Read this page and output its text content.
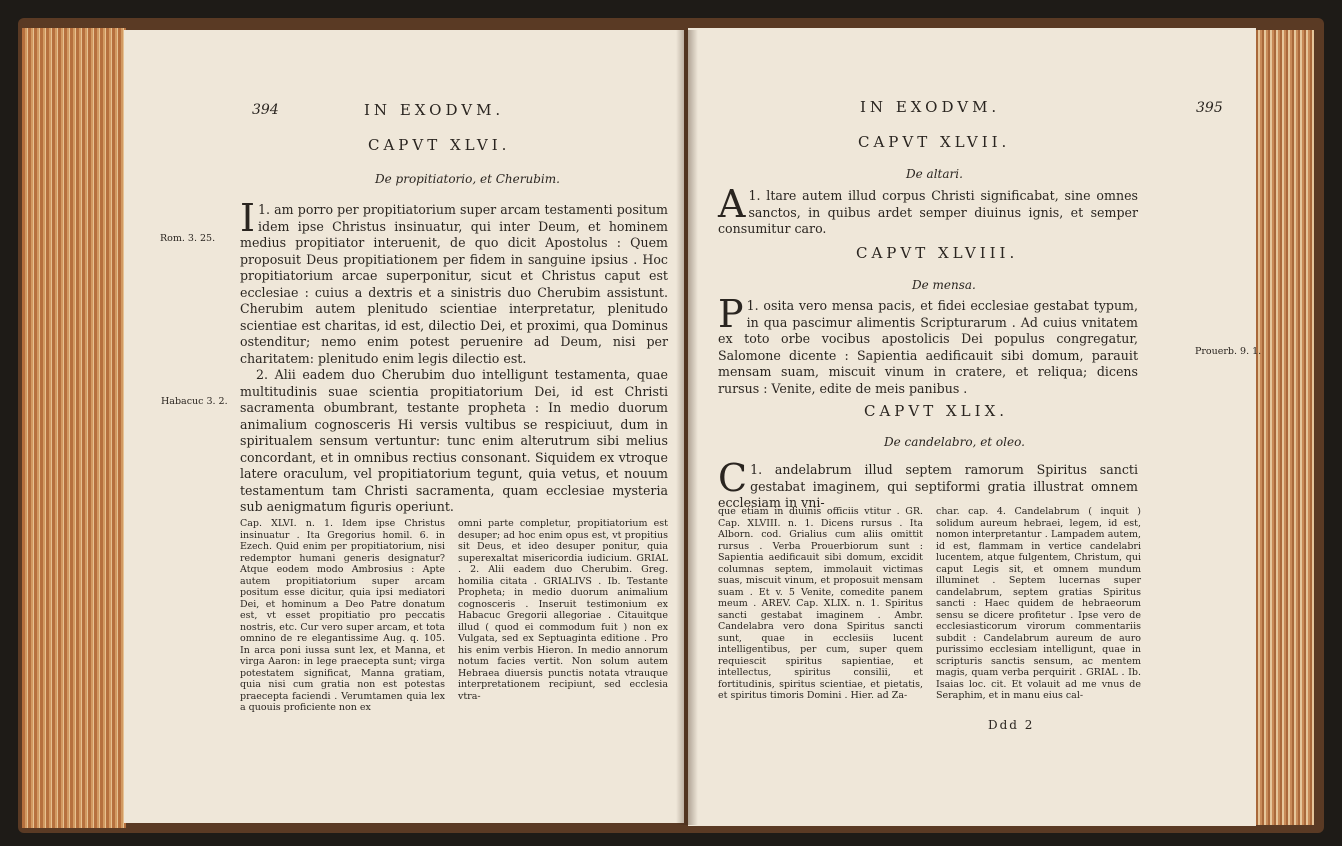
394	IN EXODVM.
CAPVT XLVI.
De propitiatorio, et Cherubim.
I 1. am porro per propitiatorium super arcam testamenti positum idem ipse Christus insinuatur, qui inter Deum, et hominem medius propitiator interuenit, de quo dicit Apostolus : Quem proposuit Deus propitiationem per fidem in sanguine ipsius . Hoc propitiatorium arcae superponitur, sicut et Christus caput est ecclesiae : cuius a dextris et a sinistris duo Cherubim assistunt. Cherubim autem plenitudo scientiae interpretatur, plenitudo scientiae est charitas, id est, dilectio Dei, et proximi, qua Dominus ostenditur; nemo enim potest peruenire ad Deum, nisi per charitatem: plenitudo enim legis dilectio est.

2. Alii eadem duo Cherubim duo intelligunt testamenta, quae multitudinis suae scientia propitiatorium Dei, id est Christi sacramenta obumbrant, testante propheta : In medio duorum animalium cognosceris Hi versis vultibus se respiciuut, dum in spiritualem sensum vertuntur: tunc enim alterutrum sibi melius concordant, et in omnibus rectius consonant. Siquidem ex vtroque latere oraculum, vel propitiatorium tegunt, quia vetus, et nouum testamentum tam Christi sacramenta, quam ecclesiae mysteria sub aenigmatum figuris operiunt.

Cap. XLVI. n. 1. Idem ipse Christus insinuatur . Ita Gregorius homil. 6. in Ezech. Quid enim per propitiatorium, nisi redemptor humani generis designatur? Atque eodem modo Ambrosius : Apte autem propitiatorium super arcam positum esse dicitur, quia ipsi mediatori Dei, et hominum a Deo Patre donatum est, vt esset propitiatio pro peccatis nostris, etc. Cur vero super arcam, et tota omnino de re elegantissime Aug. q. 105. In arca poni iussa sunt lex, et Manna, et virga Aaron: in lege praecepta sunt; virga potestatem significat, Manna gratiam, quia nisi cum gratia non est potestas praecepta faciendi . Verumtamen quia lex a quouis proficiente non ex
omni parte completur, propitiatorium est desuper; ad hoc enim opus est, vt propitius sit Deus, et ideo desuper ponitur, quia superexaltat misericordia iudicium. GRIAL . 2. Alii eadem duo Cherubim. Greg. homilia citata . GRIALIVS . Ib. Testante Propheta; in medio duorum animalium cognosceris . Inseruit testimonium ex Habacuc Gregorii allegoriae . Citauitque illud ( quod ei commodum fuit ) non ex Vulgata, sed ex Septuaginta editione . Pro his enim verbis Hieron. In medio annorum notum facies vertit. Non solum autem Hebraea diuersis punctis notata vtrauque interpretationem recipiunt, sed ecclesia vtra-
Rom. 3. 25.
Habacuc 3. 2.
IN EXODVM.	395
CAPVT XLVII.
De altari.
A 1. ltare autem illud corpus Christi significabat, sine omnes sanctos, in quibus ardet semper diuinus ignis, et semper consumitur caro.

CAPVT XLVIII.
De mensa.
P 1. osita vero mensa pacis, et fidei ecclesiae gestabat typum, in qua pascimur alimentis Scripturarum . Ad cuius vnitatem ex toto orbe vocibus apostolicis Dei populus congregatur, Salomone dicente : Sapientia aedificauit sibi domum, parauit mensam suam, miscuit vinum in cratere, et reliqua; dicens rursus : Venite, edite de meis panibus .

CAPVT XLIX.
De candelabro, et oleo.
C 1. andelabrum illud septem ramorum Spiritus sancti gestabat imaginem, qui septiformi gratia illustrat omnem ecclesiam in vni-

que etiam in diuinis officiis vtitur . GR. Cap. XLVIII. n. 1. Dicens rursus . Ita Alborn. cod. Grialius cum aliis omittit rursus . Verba Prouerbiorum sunt : Sapientia aedificauit sibi domum, excidit columnas septem, immolauit victimas suas, miscuit vinum, et proposuit mensam suam . Et v. 5 Venite, comedite panem meum . AREV. Cap. XLIX. n. 1. Spiritus sancti gestabat imaginem . Ambr. Candelabra vero dona Spiritus sancti sunt, quae in ecclesiis lucent intelligentibus, per cum, super quem requiescit spiritus sapientiae, et intellectus, spiritus consilii, et fortitudinis, spiritus scientiae, et pietatis, et spiritus timoris Domini . Hier. ad Za-
char. cap. 4. Candelabrum ( inquit ) solidum aureum hebraei, legem, id est, nomon interpretantur . Lampadem autem, id est, flammam in vertice candelabri lucentem, atque fulgentem, Christum, qui caput Legis sit, et omnem mundum illuminet . Septem lucernas super candelabrum, septem gratias Spiritus sancti : Haec quidem de hebraeorum sensu se dicere profitetur . Ipse vero de ecclesiasticorum virorum commentariis subdit : Candelabrum aureum de auro purissimo ecclesiam intelligunt, quae in scripturis sanctis sensum, ac mentem magis, quam verba perquirit . GRIAL . Ib. Isaias loc. cit. Et volauit ad me vnus de Seraphim, et in manu eius cal-
Ddd 2
Prouerb. 9. 1.
